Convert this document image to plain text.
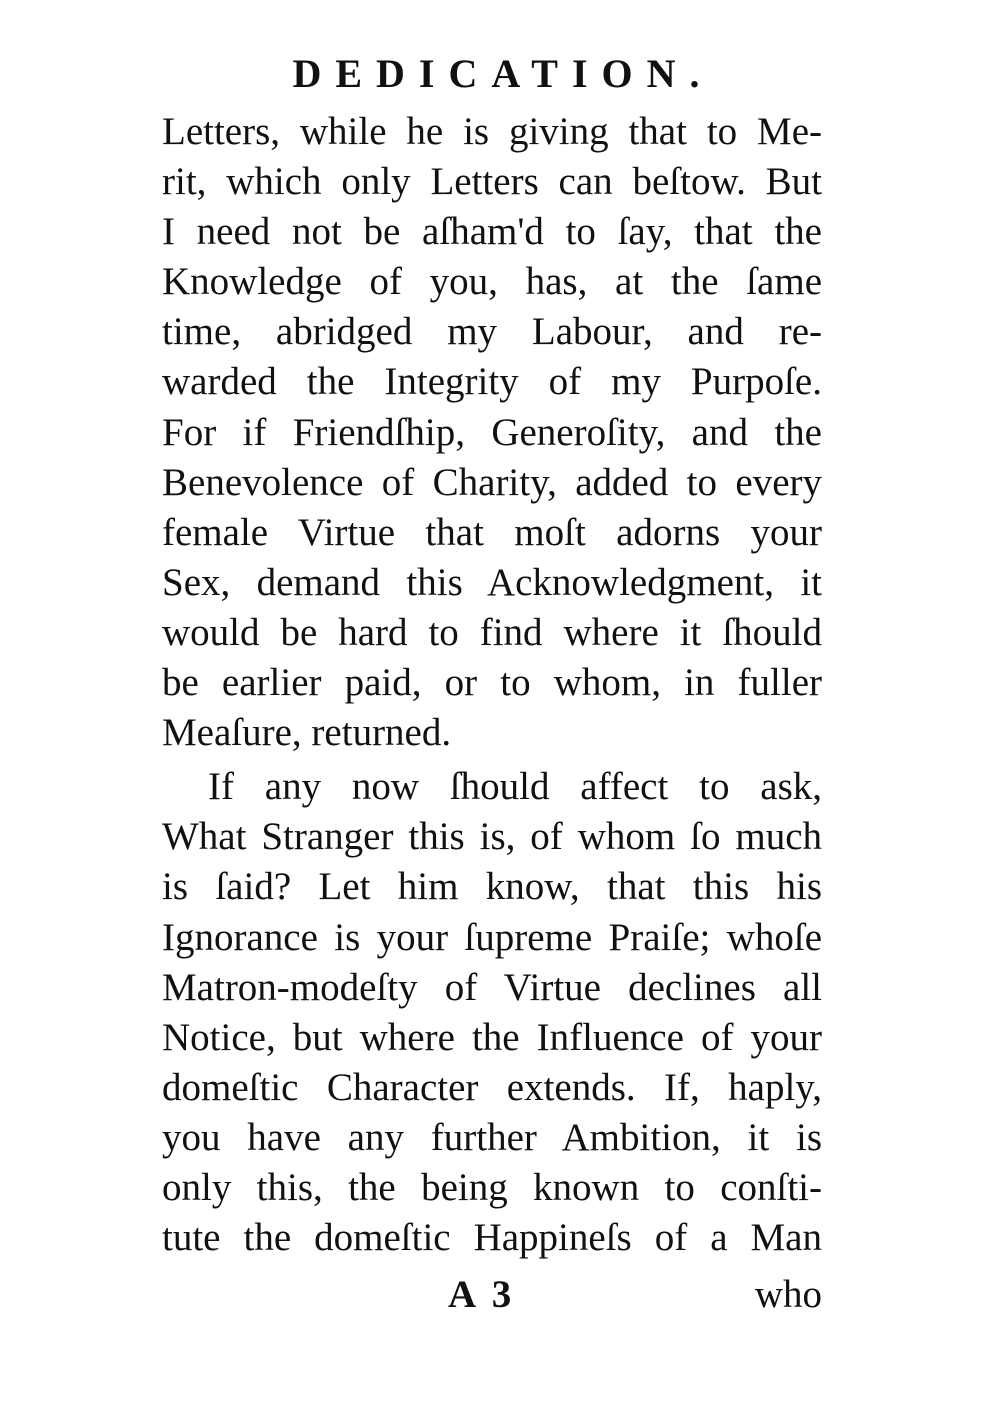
DEDICATION.
Letters, while he is giving that to Me-
rit, which only Letters can beſtow. But
I need not be aſham'd to ſay, that the
Knowledge of you, has, at the ſame
time, abridged my Labour, and re-
warded the Integrity of my Purpoſe.
For if Friendſhip, Generoſity, and the
Benevolence of Charity, added to every
female Virtue that moſt adorns your
Sex, demand this Acknowledgment, it
would be hard to find where it ſhould
be earlier paid, or to whom, in fuller
Meaſure, returned.
If any now ſhould affect to ask,
What Stranger this is, of whom ſo much
is ſaid? Let him know, that this his
Ignorance is your ſupreme Praiſe; whoſe
Matron-modeſty of Virtue declines all
Notice, but where the Influence of your
domeſtic Character extends. If, haply,
you have any further Ambition, it is
only this, the being known to conſti-
tute the domeſtic Happineſs of a Man
A 3	who
